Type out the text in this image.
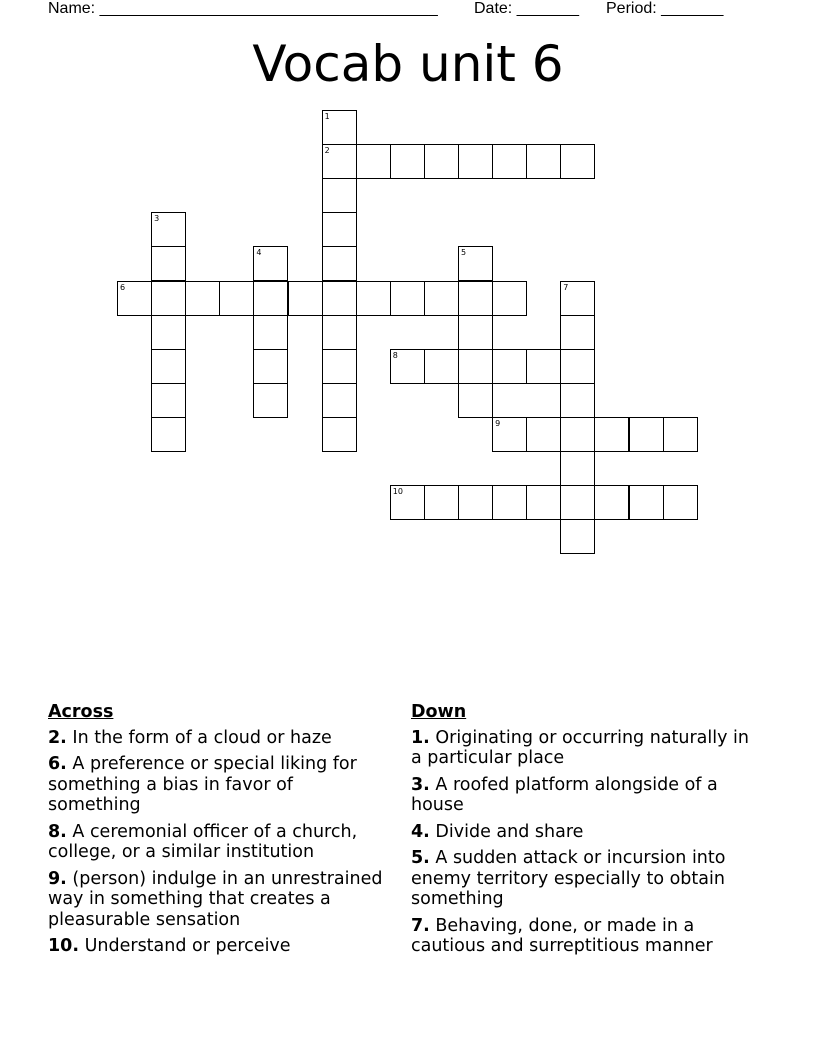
Name: ______________________________________ Date: _______ Period: _______
Vocab unit 6
1
2
3
4	5
6	7
8
9
10
Across
2. In the form of a cloud or haze
6. A preference or special liking for something a bias in favor of something
8. A ceremonial officer of a church, college, or a similar institution
9. (person) indulge in an unrestrained way in something that creates a pleasurable sensation
10. Understand or perceive
Down
1. Originating or occurring naturally in a particular place
3. A roofed platform alongside of a house
4. Divide and share
5. A sudden attack or incursion into enemy territory especially to obtain something
7. Behaving, done, or made in a cautious and surreptitious manner
